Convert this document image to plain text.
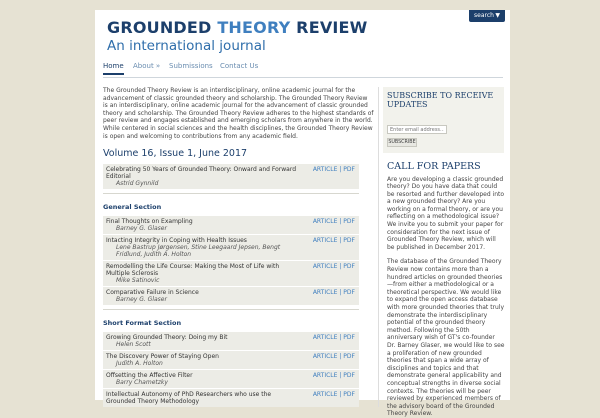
GROUNDED THEORY REVIEW
An international journal
search ▼
Home About » Submissions Contact Us

The Grounded Theory Review is an interdisciplinary, online academic journal for the advancement of classic grounded theory and scholarship. The Grounded Theory Review is an interdisciplinary, online academic journal for the advancement of classic grounded theory and scholarship. The Grounded Theory Review adheres to the highest standards of peer review and engages established and emerging scholars from anywhere in the world. While centered in social sciences and the health disciplines, the Grounded Theory Review is open and welcoming to contributions from any academic field.

Volume 16, Issue 1, June 2017
Celebrating 50 Years of Grounded Theory: Onward and Forward Editorial
Astrid Gynnild
ARTICLE | PDF
General Section
Final Thoughts on Exampling
Barney G. Glaser
ARTICLE | PDF
Intacting Integrity in Coping with Health Issues
Lene Bastrup Jørgensen, Stine Leegaard Jepsen, Bengt Fridlund, Judith A. Holton
ARTICLE | PDF
Remodelling the Life Course: Making the Most of Life with Multiple Sclerosis
Mike Satinovic
ARTICLE | PDF
Comparative Failure in Science
Barney G. Glaser
ARTICLE | PDF
Short Format Section
Growing Grounded Theory: Doing my Bit
Helen Scott
ARTICLE | PDF
The Discovery Power of Staying Open
Judith A. Holton
ARTICLE | PDF
Offsetting the Affective Filter
Barry Chametzky
ARTICLE | PDF
Intellectual Autonomy of PhD Researchers who use the Grounded Theory Methodology
ARTICLE | PDF
SUBSCRIBE TO RECEIVE UPDATES
Enter email address…
SUBSCRIBE
CALL FOR PAPERS

Are you developing a classic grounded theory? Do you have data that could be resorted and further developed into a new grounded theory? Are you working on a formal theory, or are you reflecting on a methodological issue? We invite you to submit your paper for consideration for the next issue of Grounded Theory Review, which will be published in December 2017.

The database of the Grounded Theory Review now contains more than a hundred articles on grounded theories—from either a methodological or a theoretical perspective. We would like to expand the open access database with more grounded theories that truly demonstrate the interdisciplinary potential of the grounded theory method. Following the 50th anniversary wish of GT's co-founder Dr. Barney Glaser, we would like to see a proliferation of new grounded theories that span a wide array of disciplines and topics and that demonstrate general applicability and conceptual strengths in diverse social contexts. The theories will be peer reviewed by experienced members of the advisory board of the Grounded Theory Review.
